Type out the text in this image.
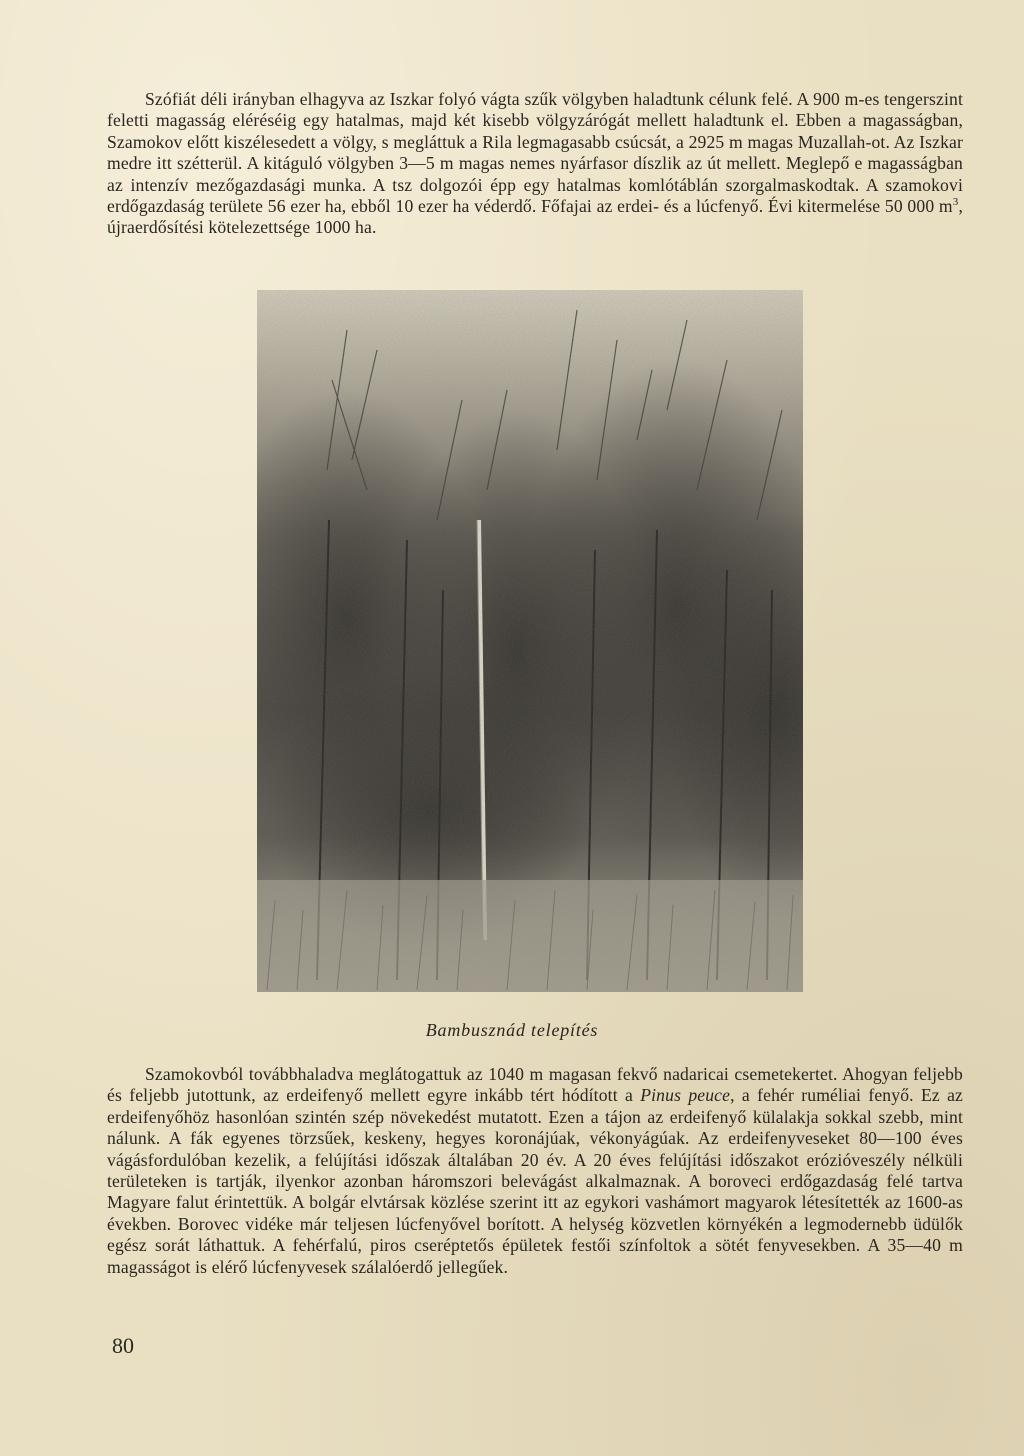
Szófiát déli irányban elhagyva az Iszkar folyó vágta szűk völgyben haladtunk célunk felé. A 900 m-es tengerszint feletti magasság eléréséig egy hatalmas, majd két kisebb völgyzárógát mellett haladtunk el. Ebben a magasságban, Szamokov előtt kiszélesedett a völgy, s megláttuk a Rila legmagasabb csúcsát, a 2925 m magas Muzallah-ot. Az Iszkar medre itt szétterül. A kitáguló völgyben 3—5 m magas nemes nyárfasor díszlik az út mellett. Meglepő e magasságban az intenzív mezőgazdasági munka. A tsz dolgozói épp egy hatalmas komlótáblán szorgalmaskodtak. A szamokovi erdőgazdaság területe 56 ezer ha, ebből 10 ezer ha véderdő. Főfajai az erdei- és a lúcfenyő. Évi kitermelése 50 000 $m^3$, újraerdősítési kötelezettsége 1000 ha.

Bambusznád telepítés

Szamokovból továbbhaladva meglátogattuk az 1040 m magasan fekvő nadaricai csemetekertet. Ahogyan feljebb és feljebb jutottunk, az erdeifenyő mellett egyre inkább tért hódított a Pinus peuce, a fehér ruméliai fenyő. Ez az erdeifenyőhöz hasonlóan szintén szép növekedést mutatott. Ezen a tájon az erdeifenyő külalakja sokkal szebb, mint nálunk. A fák egyenes törzsűek, keskeny, hegyes koronájúak, vékonyágúak. Az erdeifenyveseket 80—100 éves vágásfordulóban kezelik, a felújítási időszak általában 20 év. A 20 éves felújítási időszakot erózióveszély nélküli területeken is tartják, ilyenkor azonban háromszori belevágást alkalmaznak. A boroveci erdőgazdaság felé tartva Magyare falut érintettük. A bolgár elvtársak közlése szerint itt az egykori vashámort magyarok létesítették az 1600-as években. Borovec vidéke már teljesen lúcfenyővel borított. A helység közvetlen környékén a legmodernebb üdülők egész sorát láthattuk. A fehérfalú, piros cseréptetős épületek festői színfoltok a sötét fenyvesekben. A 35—40 m magasságot is elérő lúcfenyvesek szálalóerdő jellegűek.

80
